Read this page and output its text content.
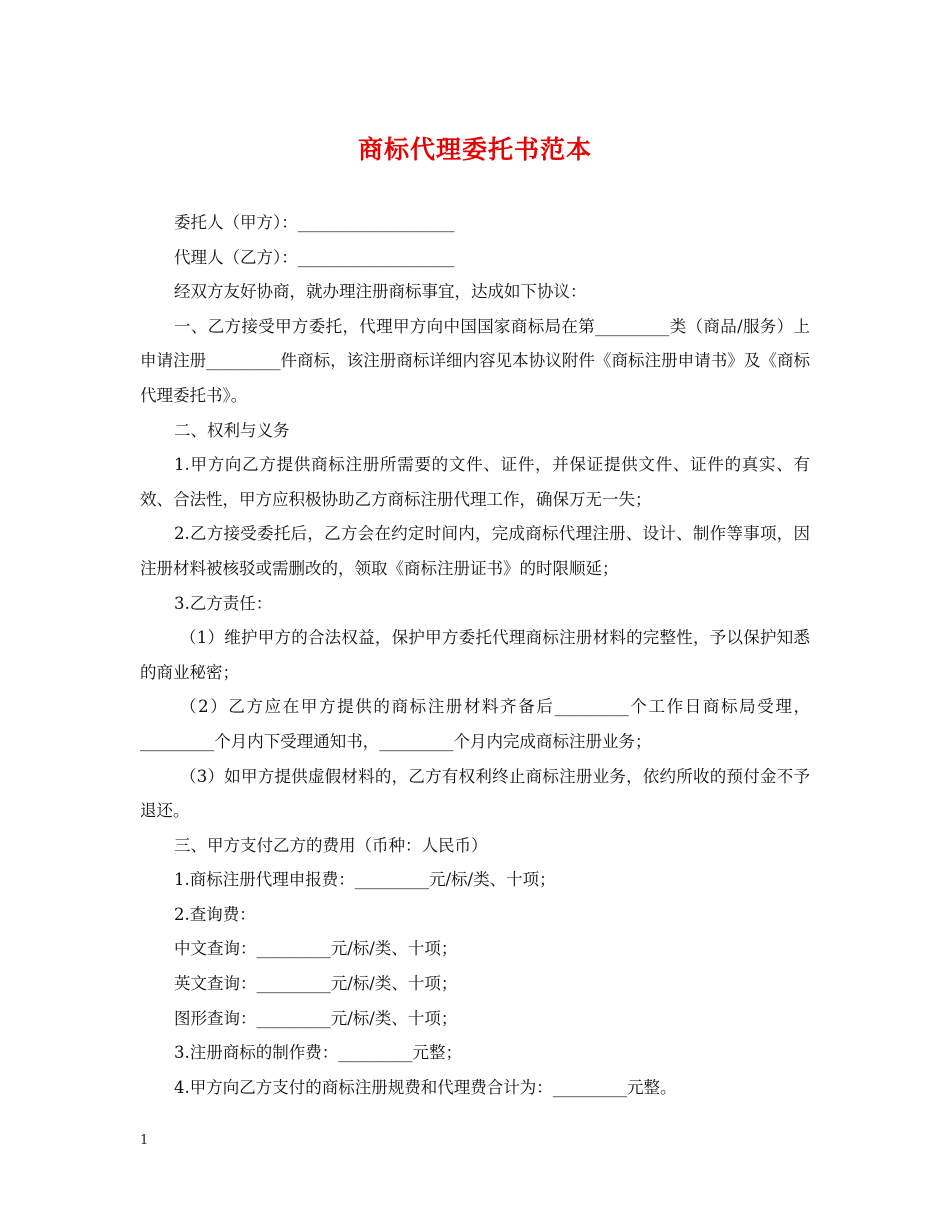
商标代理委托书范本

委托人（甲方）：___________________

代理人（乙方）：___________________

经双方友好协商，就办理注册商标事宜，达成如下协议：

一、乙方接受甲方委托，代理甲方向中国国家商标局在第_________类（商品/服务）上申请注册_________件商标，该注册商标详细内容见本协议附件《商标注册申请书》及《商标代理委托书》。

二、权利与义务

1.甲方向乙方提供商标注册所需要的文件、证件，并保证提供文件、证件的真实、有效、合法性，甲方应积极协助乙方商标注册代理工作，确保万无一失；

2.乙方接受委托后，乙方会在约定时间内，完成商标代理注册、设计、制作等事项，因注册材料被核驳或需删改的，领取《商标注册证书》的时限顺延；

3.乙方责任：

（1）维护甲方的合法权益，保护甲方委托代理商标注册材料的完整性，予以保护知悉的商业秘密；

（2）乙方应在甲方提供的商标注册材料齐备后_________个工作日商标局受理，_________个月内下受理通知书，_________个月内完成商标注册业务；

（3）如甲方提供虚假材料的，乙方有权利终止商标注册业务，依约所收的预付金不予退还。

三、甲方支付乙方的费用（币种：人民币）

1.商标注册代理申报费：_________元/标/类、十项；

2.查询费：

中文查询：_________元/标/类、十项；

英文查询：_________元/标/类、十项；

图形查询：_________元/标/类、十项；

3.注册商标的制作费：_________元整；

4.甲方向乙方支付的商标注册规费和代理费合计为：_________元整。

1
